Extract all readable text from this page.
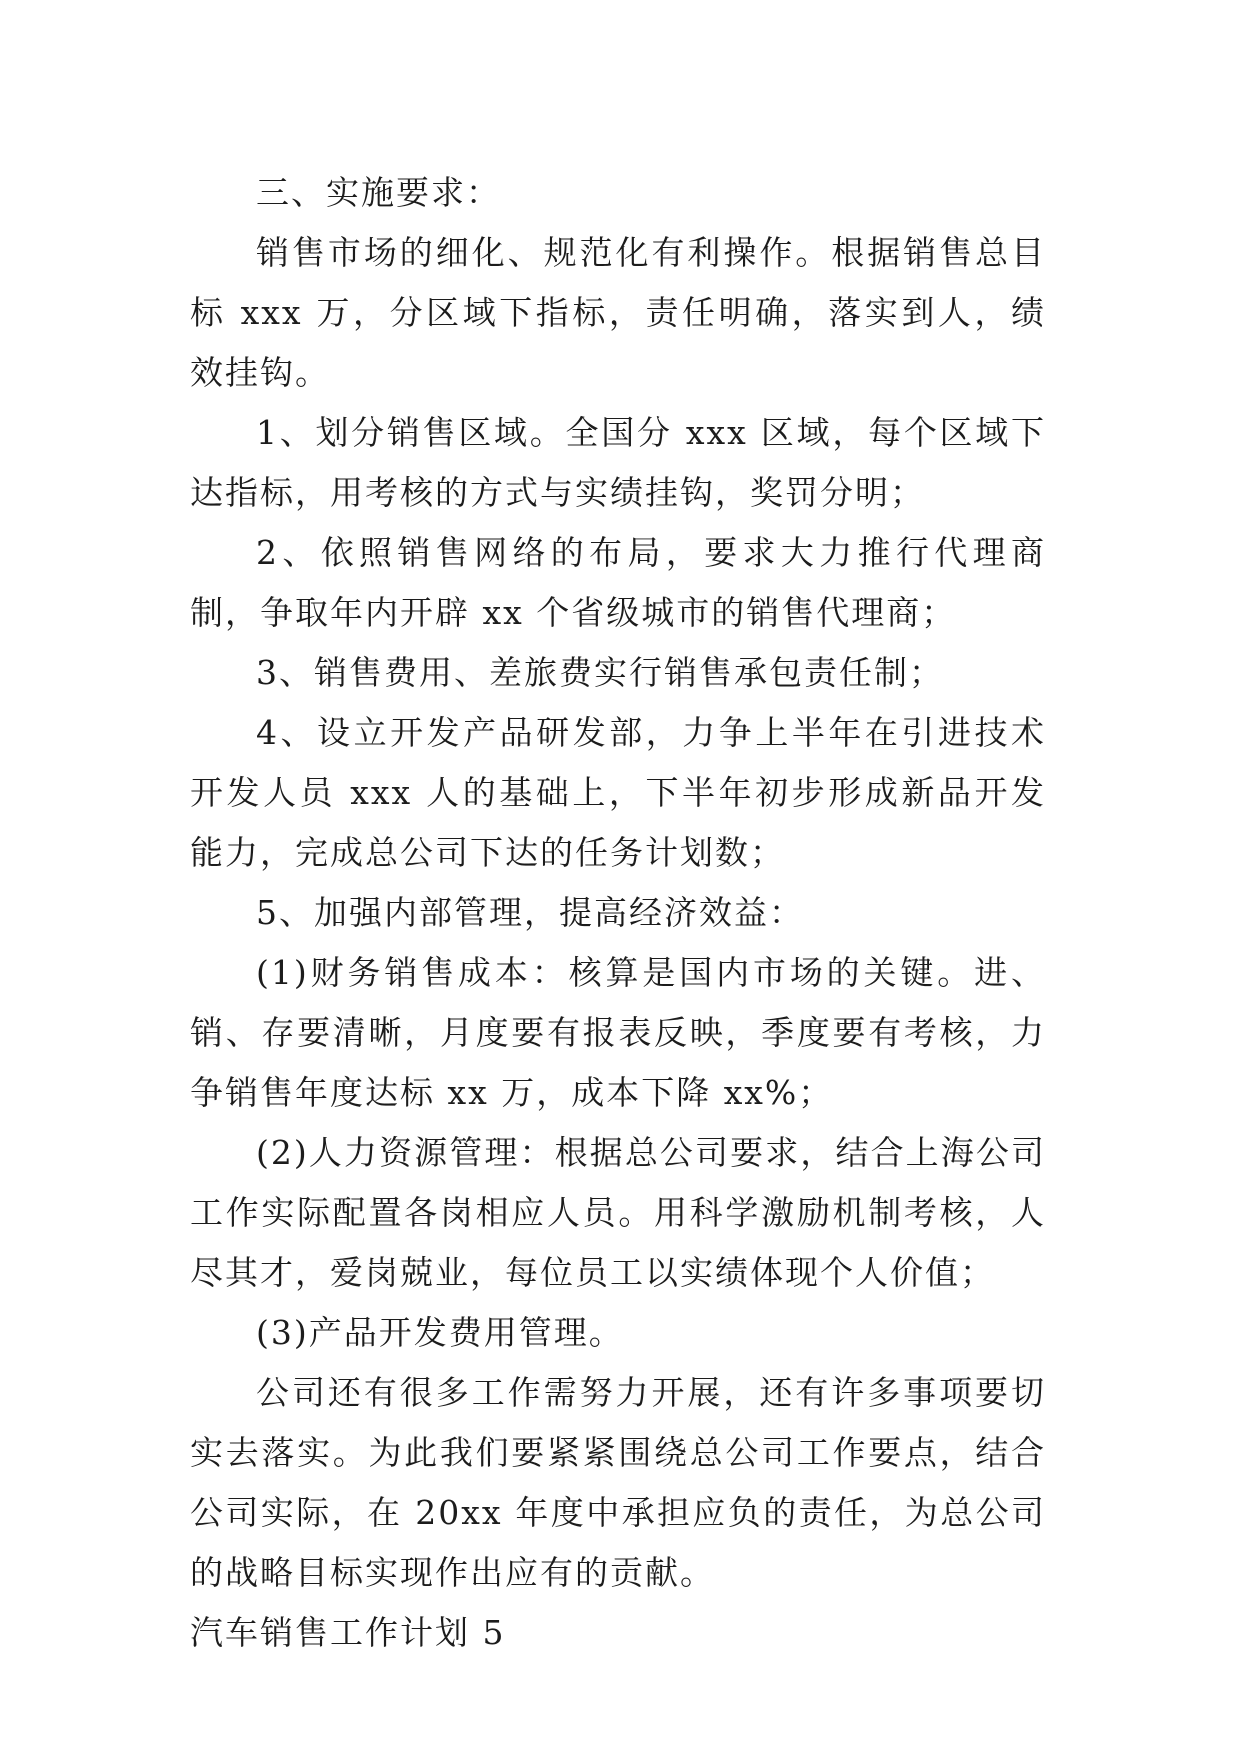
三、实施要求：

销售市场的细化、规范化有利操作。根据销售总目标 xxx 万，分区域下指标，责任明确，落实到人，绩效挂钩。

1、划分销售区域。全国分 xxx 区域，每个区域下达指标，用考核的方式与实绩挂钩，奖罚分明；

2、依照销售网络的布局，要求大力推行代理商制，争取年内开辟 xx 个省级城市的销售代理商；

3、销售费用、差旅费实行销售承包责任制；

4、设立开发产品研发部，力争上半年在引进技术开发人员 xxx 人的基础上，下半年初步形成新品开发能力，完成总公司下达的任务计划数；

5、加强内部管理，提高经济效益：

(1)财务销售成本：核算是国内市场的关键。进、销、存要清晰，月度要有报表反映，季度要有考核，力争销售年度达标 xx 万，成本下降 xx%；

(2)人力资源管理：根据总公司要求，结合上海公司工作实际配置各岗相应人员。用科学激励机制考核，人尽其才，爱岗兢业，每位员工以实绩体现个人价值；

(3)产品开发费用管理。

公司还有很多工作需努力开展，还有许多事项要切实去落实。为此我们要紧紧围绕总公司工作要点，结合公司实际，在 20xx 年度中承担应负的责任，为总公司的战略目标实现作出应有的贡献。

汽车销售工作计划 5
